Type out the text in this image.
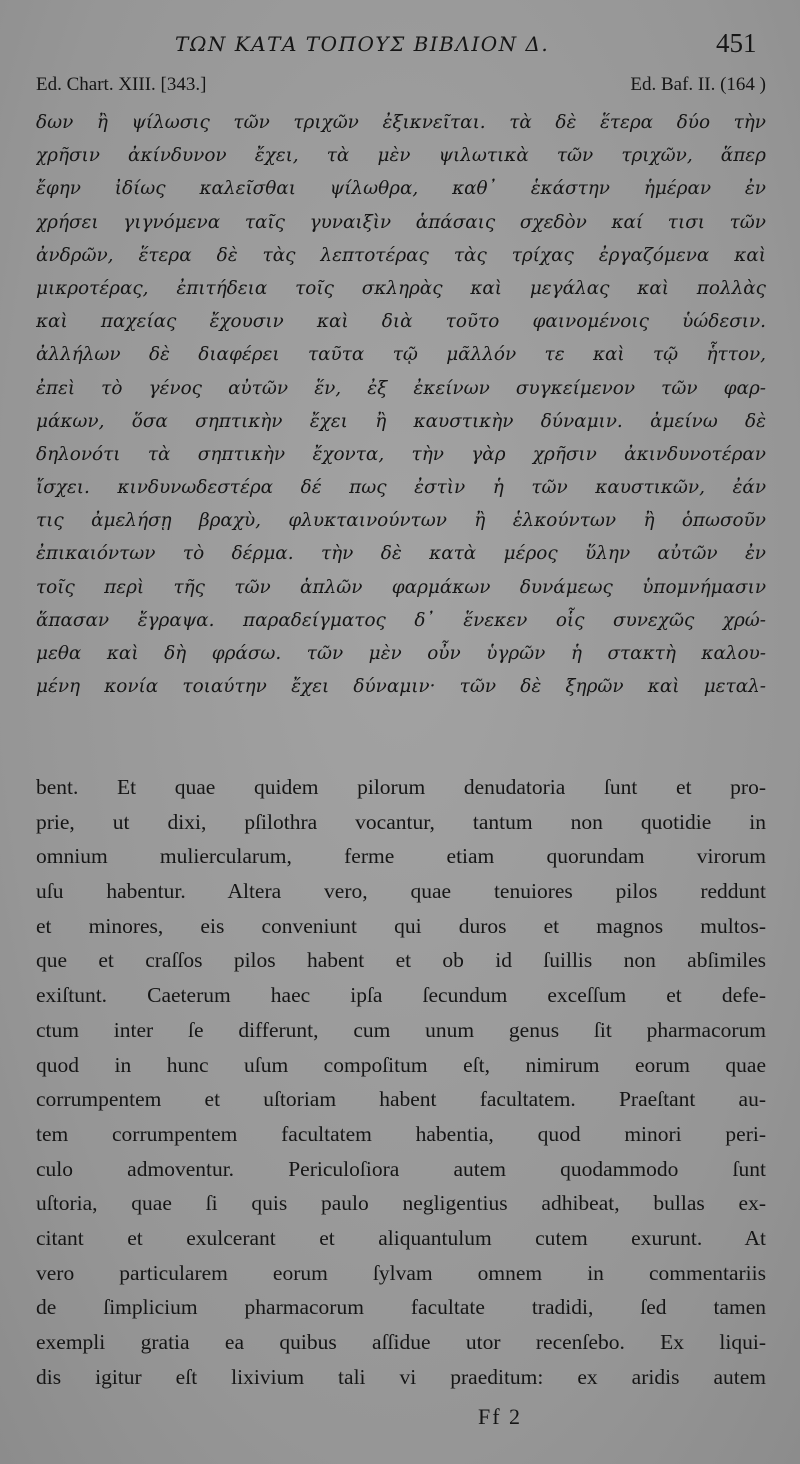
ΤΩΝ ΚΑΤΑ ΤΟΠΟΥΣ ΒΙΒΛΙΟΝ Δ.	451
Ed. Chart. XIII. [343.]	Ed. Baf. II. (164 )
δων ἢ ψίλωσις τῶν τριχῶν ἐξικνεῖται. τὰ δὲ ἕτερα δύο τὴν
χρῆσιν ἀκίνδυνον ἔχει, τὰ μὲν ψιλωτικὰ τῶν τριχῶν, ἅπερ
ἔφην ἰδίως καλεῖσθαι ψίλωθρα, καθ᾽ ἑκάστην ἡμέραν ἐν
χρήσει γιγνόμενα ταῖς γυναιξὶν ἁπάσαις σχεδὸν καί τισι τῶν
ἀνδρῶν, ἕτερα δὲ τὰς λεπτοτέρας τὰς τρίχας ἐργαζόμενα καὶ
μικροτέρας, ἐπιτήδεια τοῖς σκληρὰς καὶ μεγάλας καὶ πολλὰς
καὶ παχείας ἔχουσιν καὶ διὰ τοῦτο φαινομένοις ὑώδεσιν.
ἀλλήλων δὲ διαφέρει ταῦτα τῷ μᾶλλόν τε καὶ τῷ ἧττον,
ἐπεὶ τὸ γένος αὐτῶν ἕν, ἐξ ἐκείνων συγκείμενον τῶν φαρ-
μάκων, ὅσα σηπτικὴν ἔχει ἢ καυστικὴν δύναμιν. ἀμείνω δὲ
δηλονότι τὰ σηπτικὴν ἔχοντα, τὴν γὰρ χρῆσιν ἀκινδυνοτέραν
ἴσχει. κινδυνωδεστέρα δέ πως ἐστὶν ἡ τῶν καυστικῶν, ἐάν
τις ἀμελήσῃ βραχὺ, φλυκταινούντων ἢ ἑλκούντων ἢ ὁπωσοῦν
ἐπικαιόντων τὸ δέρμα. τὴν δὲ κατὰ μέρος ὕλην αὐτῶν ἐν
τοῖς περὶ τῆς τῶν ἁπλῶν φαρμάκων δυνάμεως ὑπομνήμασιν
ἅπασαν ἔγραψα. παραδείγματος δ᾽ ἕνεκεν οἷς συνεχῶς χρώ-
μεθα καὶ δὴ φράσω. τῶν μὲν οὖν ὑγρῶν ἡ στακτὴ καλου-
μένη κονία τοιαύτην ἔχει δύναμιν· τῶν δὲ ξηρῶν καὶ μεταλ-
bent. Et quae quidem pilorum denudatoria ſunt et pro-
prie, ut dixi, pſilothra vocantur, tantum non quotidie in
omnium muliercularum, ferme etiam quorundam virorum
uſu habentur. Altera vero, quae tenuiores pilos reddunt
et minores, eis conveniunt qui duros et magnos multos-
que et craſſos pilos habent et ob id ſuillis non abſimiles
exiſtunt. Caeterum haec ipſa ſecundum exceſſum et defe-
ctum inter ſe differunt, cum unum genus ſit pharmacorum
quod in hunc uſum compoſitum eſt, nimirum eorum quae
corrumpentem et uſtoriam habent facultatem. Praeſtant au-
tem corrumpentem facultatem habentia, quod minori peri-
culo admoventur. Periculoſiora autem quodammodo ſunt
uſtoria, quae ſi quis paulo negligentius adhibeat, bullas ex-
citant et exulcerant et aliquantulum cutem exurunt. At
vero particularem eorum ſylvam omnem in commentariis
de ſimplicium pharmacorum facultate tradidi, ſed tamen
exempli gratia ea quibus aſſidue utor recenſebo. Ex liqui-
dis igitur eſt lixivium tali vi praeditum: ex aridis autem
Ff 2
